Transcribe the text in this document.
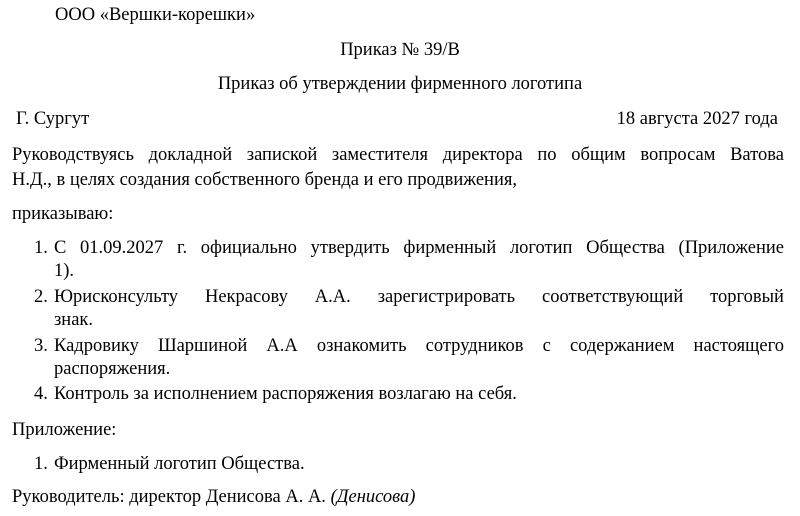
ООО «Вершки-корешки»
Приказ № 39/В
Приказ об утверждении фирменного логотипа
Г. Сургут	18 августа 2027 года
Руководствуясь докладной запиской заместителя директора по общим вопросам Ватова
Н.Д., в целях создания собственного бренда и его продвижения,
приказываю:
1. С 01.09.2027 г. официально утвердить фирменный логотип Общества (Приложение
1).
2. Юрисконсульту Некрасову А.А. зарегистрировать соответствующий торговый
знак.
3. Кадровику Шаршиной А.А ознакомить сотрудников с содержанием настоящего
распоряжения.
4. Контроль за исполнением распоряжения возлагаю на себя.
Приложение:
1. Фирменный логотип Общества.
Руководитель: директор Денисова А. А. (Денисова)
